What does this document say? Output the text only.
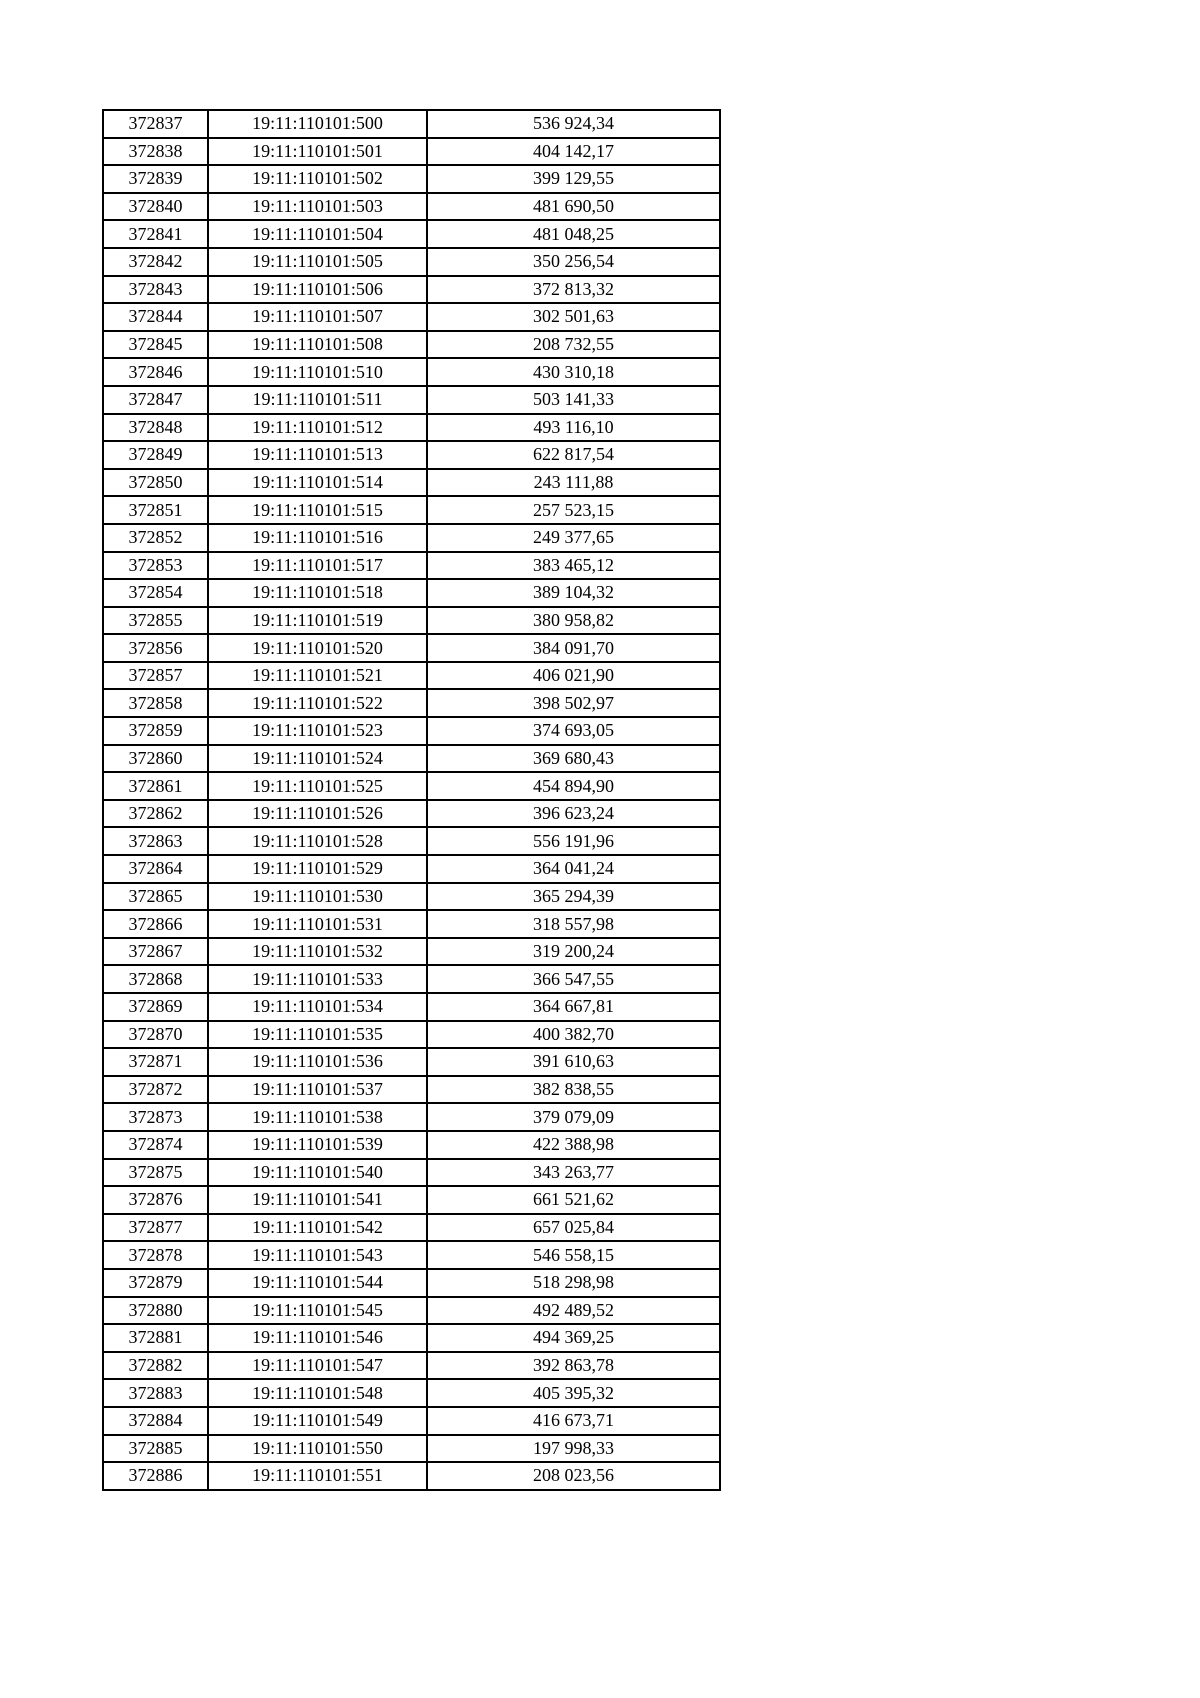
372837	19:11:110101:500	536 924,34
372838	19:11:110101:501	404 142,17
372839	19:11:110101:502	399 129,55
372840	19:11:110101:503	481 690,50
372841	19:11:110101:504	481 048,25
372842	19:11:110101:505	350 256,54
372843	19:11:110101:506	372 813,32
372844	19:11:110101:507	302 501,63
372845	19:11:110101:508	208 732,55
372846	19:11:110101:510	430 310,18
372847	19:11:110101:511	503 141,33
372848	19:11:110101:512	493 116,10
372849	19:11:110101:513	622 817,54
372850	19:11:110101:514	243 111,88
372851	19:11:110101:515	257 523,15
372852	19:11:110101:516	249 377,65
372853	19:11:110101:517	383 465,12
372854	19:11:110101:518	389 104,32
372855	19:11:110101:519	380 958,82
372856	19:11:110101:520	384 091,70
372857	19:11:110101:521	406 021,90
372858	19:11:110101:522	398 502,97
372859	19:11:110101:523	374 693,05
372860	19:11:110101:524	369 680,43
372861	19:11:110101:525	454 894,90
372862	19:11:110101:526	396 623,24
372863	19:11:110101:528	556 191,96
372864	19:11:110101:529	364 041,24
372865	19:11:110101:530	365 294,39
372866	19:11:110101:531	318 557,98
372867	19:11:110101:532	319 200,24
372868	19:11:110101:533	366 547,55
372869	19:11:110101:534	364 667,81
372870	19:11:110101:535	400 382,70
372871	19:11:110101:536	391 610,63
372872	19:11:110101:537	382 838,55
372873	19:11:110101:538	379 079,09
372874	19:11:110101:539	422 388,98
372875	19:11:110101:540	343 263,77
372876	19:11:110101:541	661 521,62
372877	19:11:110101:542	657 025,84
372878	19:11:110101:543	546 558,15
372879	19:11:110101:544	518 298,98
372880	19:11:110101:545	492 489,52
372881	19:11:110101:546	494 369,25
372882	19:11:110101:547	392 863,78
372883	19:11:110101:548	405 395,32
372884	19:11:110101:549	416 673,71
372885	19:11:110101:550	197 998,33
372886	19:11:110101:551	208 023,56
